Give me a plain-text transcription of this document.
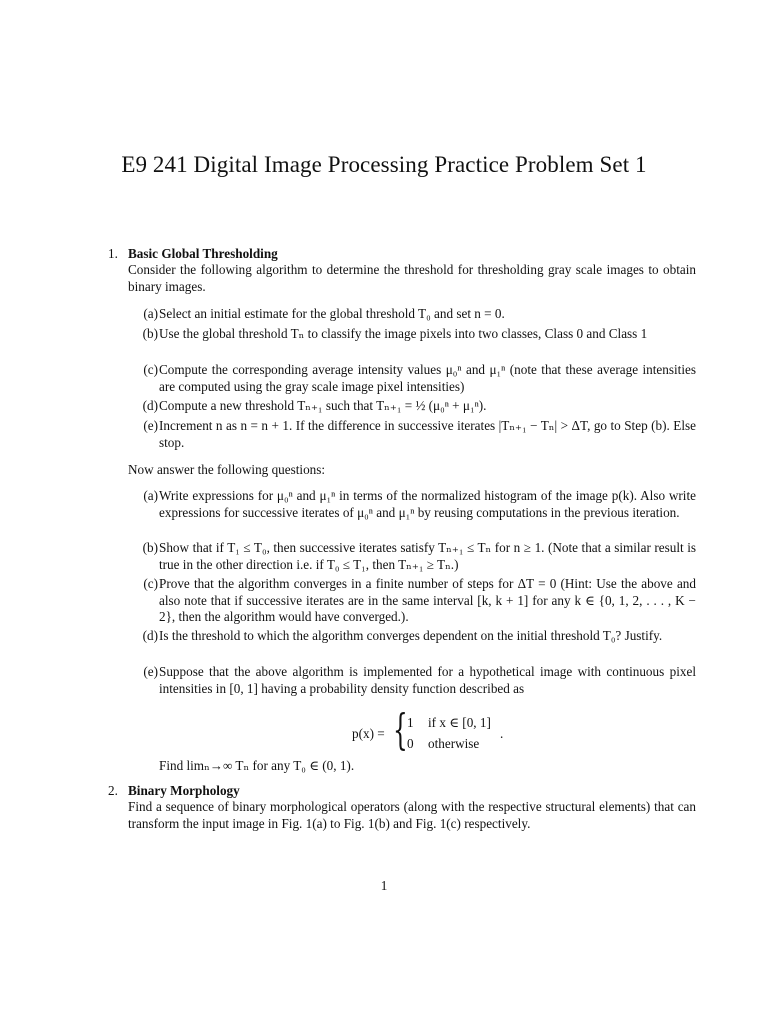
E9 241 Digital Image Processing Practice Problem Set 1
1. Basic Global Thresholding
Consider the following algorithm to determine the threshold for thresholding gray scale images to obtain binary images.
(a) Select an initial estimate for the global threshold T₀ and set n = 0.
(b) Use the global threshold Tₙ to classify the image pixels into two classes, Class 0 and Class 1
(c) Compute the corresponding average intensity values μ₀ⁿ and μ₁ⁿ (note that these average intensities are computed using the gray scale image pixel intensities)
(d) Compute a new threshold Tₙ₊₁ such that Tₙ₊₁ = ½ (μ₀ⁿ + μ₁ⁿ).
(e) Increment n as n = n + 1. If the difference in successive iterates |Tₙ₊₁ − Tₙ| > ΔT, go to Step (b). Else stop.
Now answer the following questions:
(a) Write expressions for μ₀ⁿ and μ₁ⁿ in terms of the normalized histogram of the image p(k). Also write expressions for successive iterates of μ₀ⁿ and μ₁ⁿ by reusing computations in the previous iteration.
(b) Show that if T₁ ≤ T₀, then successive iterates satisfy Tₙ₊₁ ≤ Tₙ for n ≥ 1. (Note that a similar result is true in the other direction i.e. if T₀ ≤ T₁, then Tₙ₊₁ ≥ Tₙ.)
(c) Prove that the algorithm converges in a finite number of steps for ΔT = 0 (Hint: Use the above and also note that if successive iterates are in the same interval [k, k + 1] for any k ∈ {0, 1, 2, . . . , K − 2}, then the algorithm would have converged.).
(d) Is the threshold to which the algorithm converges dependent on the initial threshold T₀? Justify.
(e) Suppose that the above algorithm is implemented for a hypothetical image with continuous pixel intensities in [0, 1] having a probability density function described as
p(x) = { 1 if x ∈ [0, 1]
0 otherwise
.
Find limₙ→∞ Tₙ for any T₀ ∈ (0, 1).
2. Binary Morphology
Find a sequence of binary morphological operators (along with the respective structural elements) that can transform the input image in Fig. 1(a) to Fig. 1(b) and Fig. 1(c) respectively.
1
